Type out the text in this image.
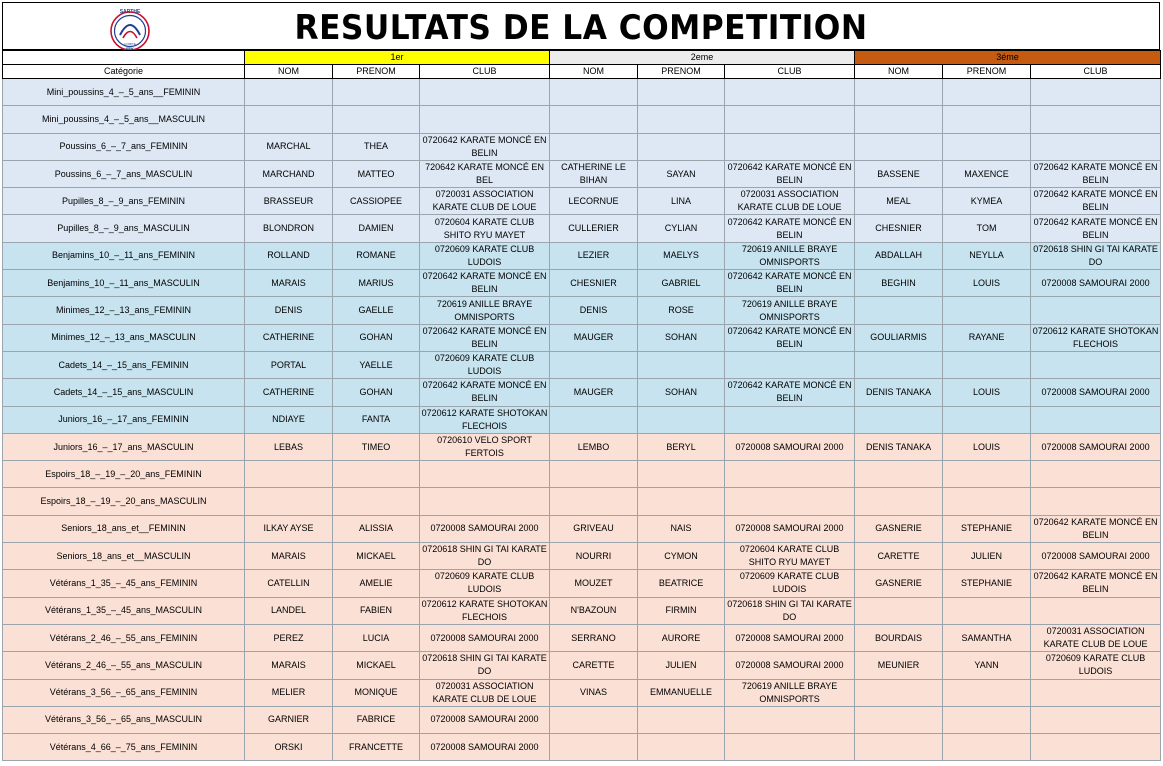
SARTHE
COMITE
FFK
RESULTATS DE LA COMPETITION
	1er			2eme			3éme		
Catégorie	NOM	PRENOM	CLUB	NOM	PRENOM	CLUB	NOM	PRENOM	CLUB
Mini_poussins_4_–_5_ans__FEMININ									
Mini_poussins_4_–_5_ans__MASCULIN									
Poussins_6_–_7_ans_FEMININ	MARCHAL	THEA	0720642 KARATE MONCÉ EN BELIN						
Poussins_6_–_7_ans_MASCULIN	MARCHAND	MATTEO	720642 KARATE MONCÉ EN BEL	CATHERINE LE BIHAN	SAYAN	0720642 KARATE MONCÉ EN BELIN	BASSENE	MAXENCE	0720642 KARATE MONCÉ EN BELIN
Pupilles_8_–_9_ans_FEMININ	BRASSEUR	CASSIOPEE	0720031 ASSOCIATION KARATE CLUB DE LOUE	LECORNUE	LINA	0720031 ASSOCIATION KARATE CLUB DE LOUE	MEAL	KYMEA	0720642 KARATE MONCÉ EN BELIN
Pupilles_8_–_9_ans_MASCULIN	BLONDRON	DAMIEN	0720604 KARATE CLUB SHITO RYU MAYET	CULLERIER	CYLIAN	0720642 KARATE MONCÉ EN BELIN	CHESNIER	TOM	0720642 KARATE MONCÉ EN BELIN
Benjamins_10_–_11_ans_FEMININ	ROLLAND	ROMANE	0720609 KARATE CLUB LUDOIS	LEZIER	MAELYS	720619 ANILLE BRAYE OMNISPORTS	ABDALLAH	NEYLLA	0720618 SHIN GI TAI KARATE DO
Benjamins_10_–_11_ans_MASCULIN	MARAIS	MARIUS	0720642 KARATE MONCÉ EN BELIN	CHESNIER	GABRIEL	0720642 KARATE MONCÉ EN BELIN	BEGHIN	LOUIS	0720008 SAMOURAI 2000
Minimes_12_–_13_ans_FEMININ	DENIS	GAELLE	720619 ANILLE BRAYE OMNISPORTS	DENIS	ROSE	720619 ANILLE BRAYE OMNISPORTS			
Minimes_12_–_13_ans_MASCULIN	CATHERINE	GOHAN	0720642 KARATE MONCÉ EN BELIN	MAUGER	SOHAN	0720642 KARATE MONCÉ EN BELIN	GOULIARMIS	RAYANE	0720612 KARATE SHOTOKAN FLECHOIS
Cadets_14_–_15_ans_FEMININ	PORTAL	YAELLE	0720609 KARATE CLUB LUDOIS						
Cadets_14_–_15_ans_MASCULIN	CATHERINE	GOHAN	0720642 KARATE MONCÉ EN BELIN	MAUGER	SOHAN	0720642 KARATE MONCÉ EN BELIN	DENIS TANAKA	LOUIS	0720008 SAMOURAI 2000
Juniors_16_–_17_ans_FEMININ	NDIAYE	FANTA	0720612 KARATE SHOTOKAN FLECHOIS						
Juniors_16_–_17_ans_MASCULIN	LEBAS	TIMEO	0720610 VELO SPORT FERTOIS	LEMBO	BERYL	0720008 SAMOURAI 2000	DENIS TANAKA	LOUIS	0720008 SAMOURAI 2000
Espoirs_18_–_19_–_20_ans_FEMININ									
Espoirs_18_–_19_–_20_ans_MASCULIN									
Seniors_18_ans_et__FEMININ	ILKAY AYSE	ALISSIA	0720008 SAMOURAI 2000	GRIVEAU	NAIS	0720008 SAMOURAI 2000	GASNERIE	STEPHANIE	0720642 KARATE MONCÉ EN BELIN
Seniors_18_ans_et__MASCULIN	MARAIS	MICKAEL	0720618 SHIN GI TAI KARATE DO	NOURRI	CYMON	0720604 KARATE CLUB SHITO RYU MAYET	CARETTE	JULIEN	0720008 SAMOURAI 2000
Vétérans_1_35_–_45_ans_FEMININ	CATELLIN	AMELIE	0720609 KARATE CLUB LUDOIS	MOUZET	BEATRICE	0720609 KARATE CLUB LUDOIS	GASNERIE	STEPHANIE	0720642 KARATE MONCÉ EN BELIN
Vétérans_1_35_–_45_ans_MASCULIN	LANDEL	FABIEN	0720612 KARATE SHOTOKAN FLECHOIS	N'BAZOUN	FIRMIN	0720618 SHIN GI TAI KARATE DO			
Vétérans_2_46_–_55_ans_FEMININ	PEREZ	LUCIA	0720008 SAMOURAI 2000	SERRANO	AURORE	0720008 SAMOURAI 2000	BOURDAIS	SAMANTHA	0720031 ASSOCIATION KARATE CLUB DE LOUE
Vétérans_2_46_–_55_ans_MASCULIN	MARAIS	MICKAEL	0720618 SHIN GI TAI KARATE DO	CARETTE	JULIEN	0720008 SAMOURAI 2000	MEUNIER	YANN	0720609 KARATE CLUB LUDOIS
Vétérans_3_56_–_65_ans_FEMININ	MELIER	MONIQUE	0720031 ASSOCIATION KARATE CLUB DE LOUE	VINAS	EMMANUELLE	720619 ANILLE BRAYE OMNISPORTS			
Vétérans_3_56_–_65_ans_MASCULIN	GARNIER	FABRICE	0720008 SAMOURAI 2000						
Vétérans_4_66_–_75_ans_FEMININ	ORSKI	FRANCETTE	0720008 SAMOURAI 2000						
